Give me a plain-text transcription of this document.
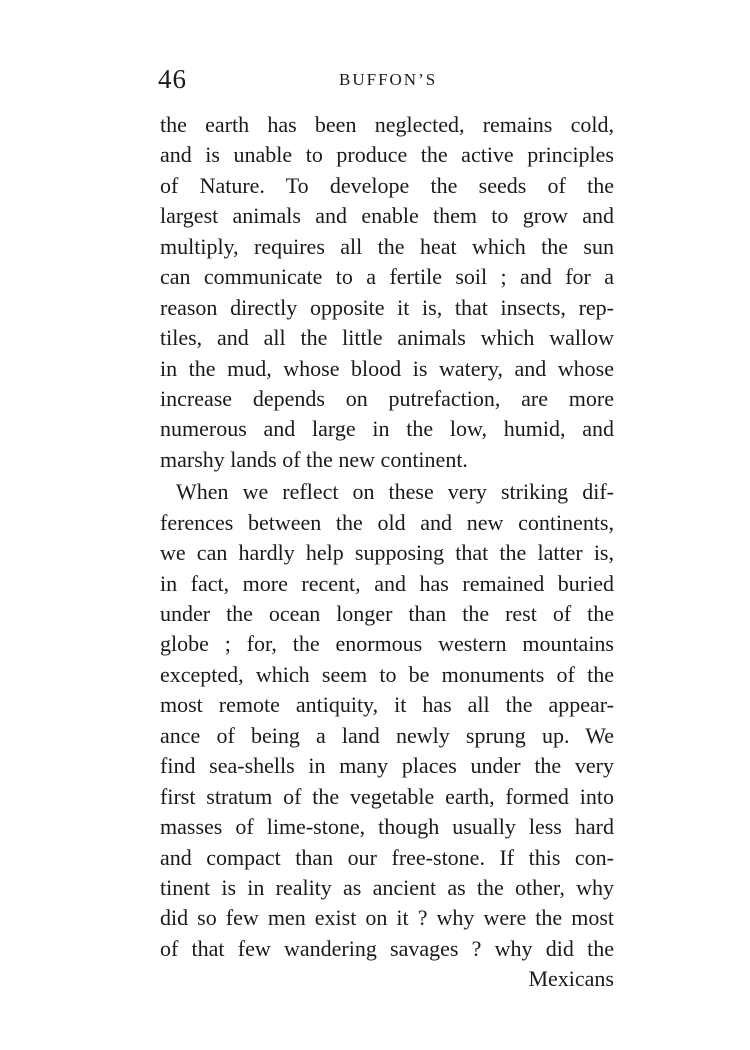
46	BUFFON’S
the earth has been neglected, remains cold,
and is unable to produce the active principles
of Nature. To develope the seeds of the
largest animals and enable them to grow and
multiply, requires all the heat which the sun
can communicate to a fertile soil ; and for a
reason directly opposite it is, that insects, rep-
tiles, and all the little animals which wallow
in the mud, whose blood is watery, and whose
increase depends on putrefaction, are more
numerous and large in the low, humid, and
marshy lands of the new continent.
When we reflect on these very striking dif-
ferences between the old and new continents,
we can hardly help supposing that the latter is,
in fact, more recent, and has remained buried
under the ocean longer than the rest of the
globe ; for, the enormous western mountains
excepted, which seem to be monuments of the
most remote antiquity, it has all the appear-
ance of being a land newly sprung up. We
find sea-shells in many places under the very
first stratum of the vegetable earth, formed into
masses of lime-stone, though usually less hard
and compact than our free-stone. If this con-
tinent is in reality as ancient as the other, why
did so few men exist on it ? why were the most
of that few wandering savages ? why did the
Mexicans
